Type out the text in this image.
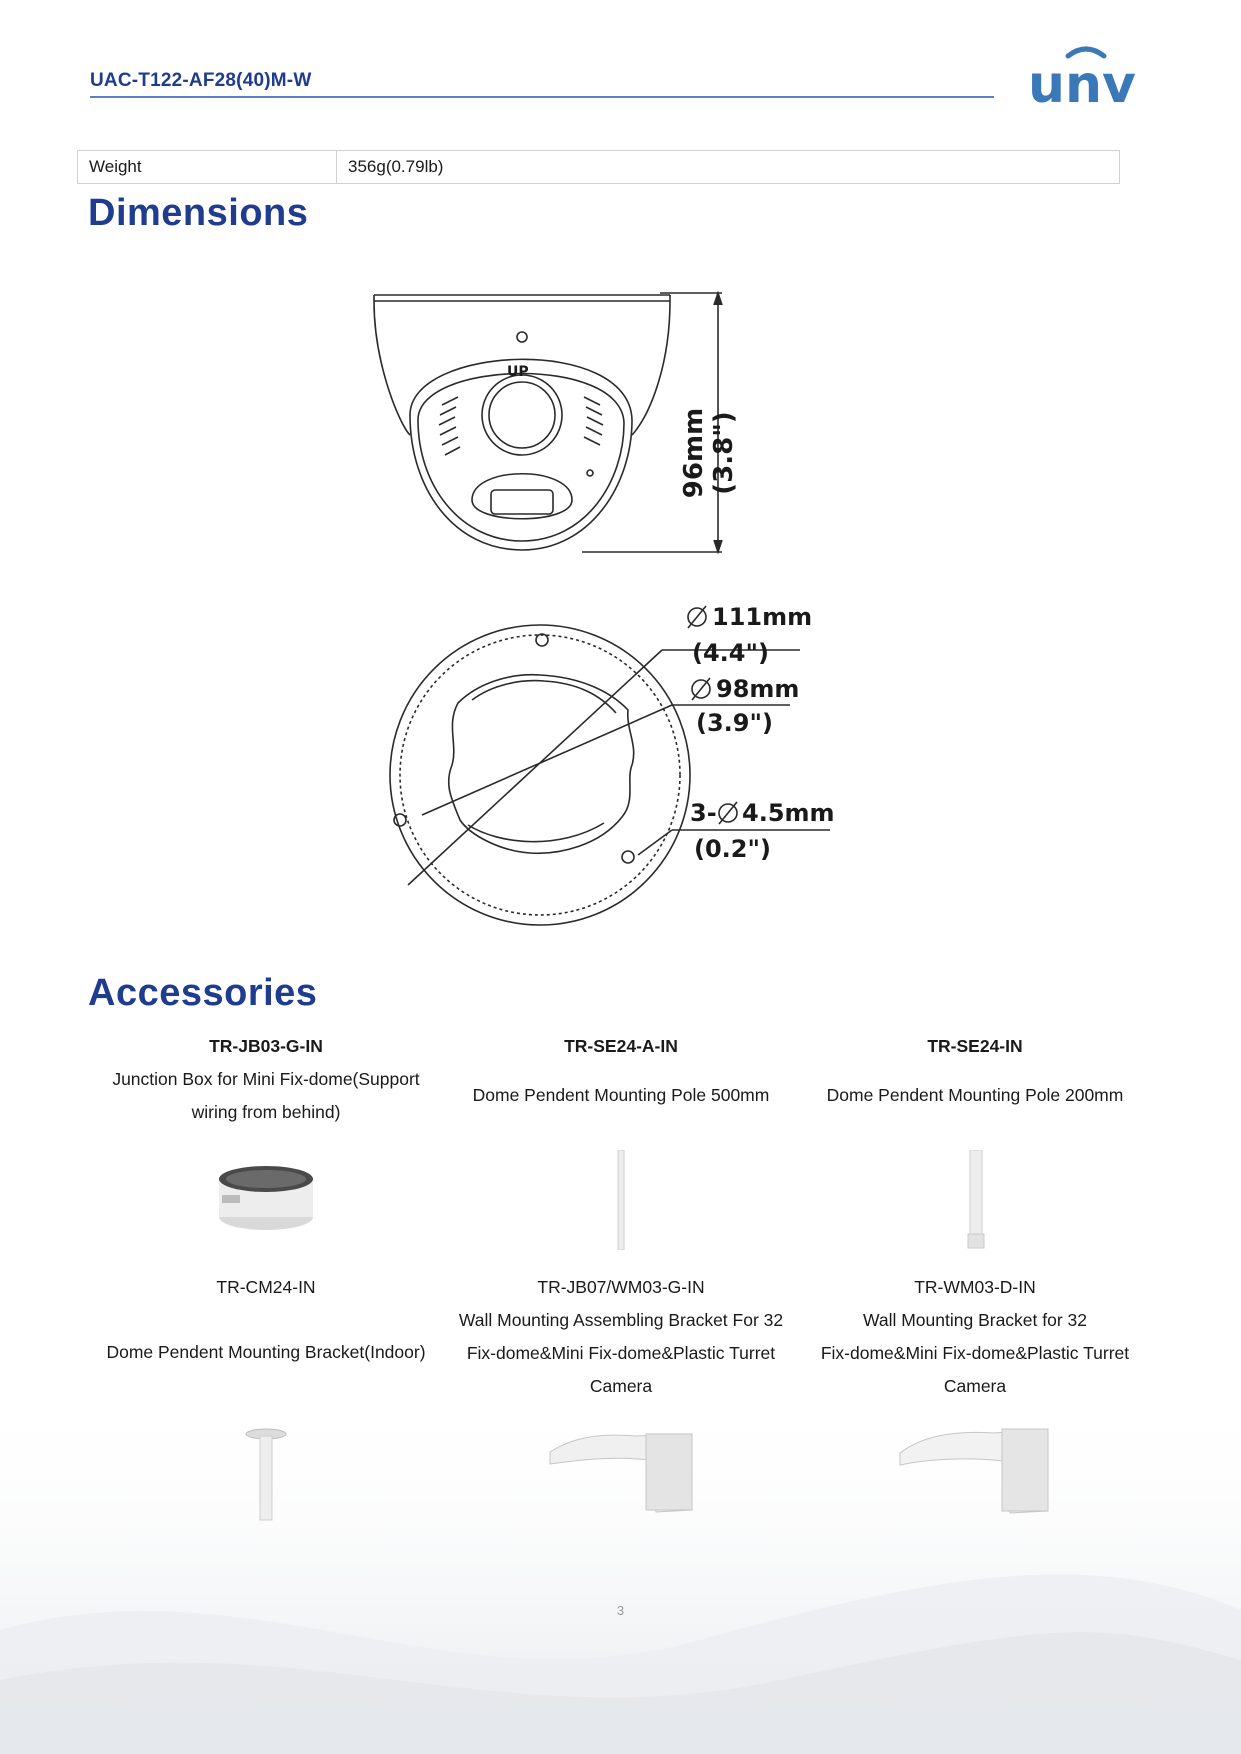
UAC-T122-AF28(40)M-W	unv
Weight	356g(0.79lb)
Dimensions
UP
96mm (3.8")
111mm
(4.4")
98mm
(3.9")
3- 4.5mm
(0.2")
Accessories
TR-JB03-G-IN
Junction Box for Mini Fix-dome(Support
wiring from behind)
TR-SE24-A-IN
Dome Pendent Mounting Pole 500mm
TR-SE24-IN
Dome Pendent Mounting Pole 200mm
TR-CM24-IN
Dome Pendent Mounting Bracket(Indoor)
TR-JB07/WM03-G-IN
Wall Mounting Assembling Bracket For 32
Fix-dome&Mini Fix-dome&Plastic Turret
Camera
TR-WM03-D-IN
Wall Mounting Bracket for 32
Fix-dome&Mini Fix-dome&Plastic Turret
Camera
3
